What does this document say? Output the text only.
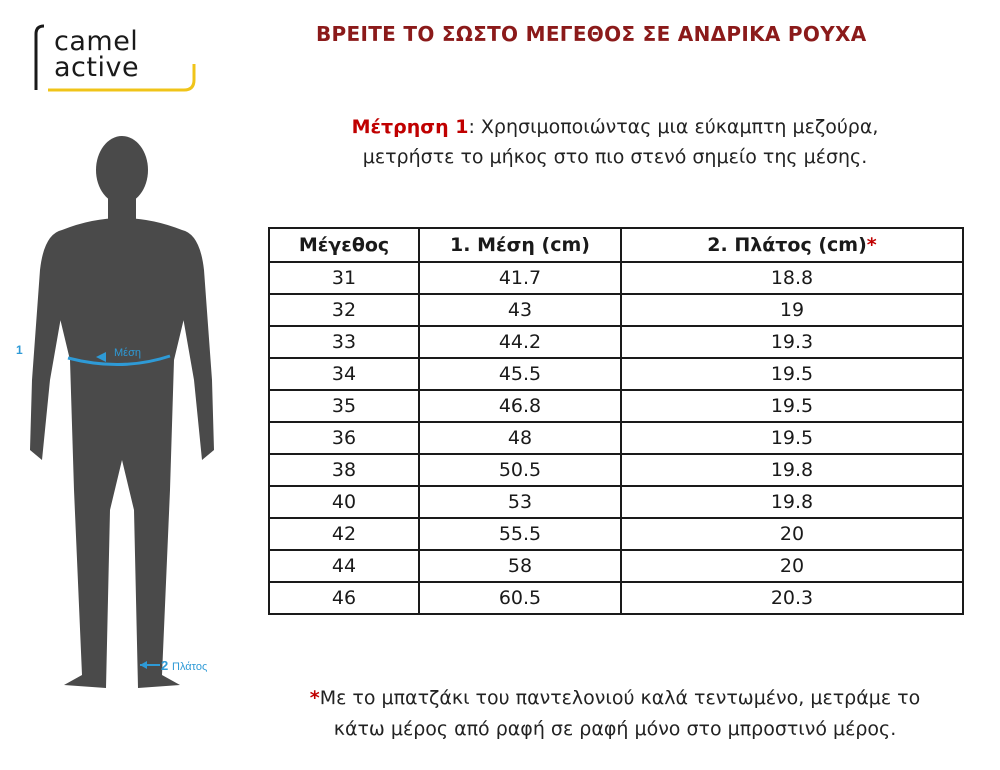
camel
active
ΒΡΕΙΤΕ ΤΟ ΣΩΣΤΟ ΜΕΓΕΘΟΣ ΣΕ ΑΝΔΡΙΚΑ ΡΟΥΧΑ
Μέτρηση 1: Χρησιμοποιώντας μια εύκαμπτη μεζούρα,
μετρήστε το μήκος στο πιο στενό σημείο της μέσης.
1	Μέση
2 Πλάτος
Μέγεθος	1. Μέση (cm)	2. Πλάτος (cm)*
31	41.7	18.8
32	43	19
33	44.2	19.3
34	45.5	19.5
35	46.8	19.5
36	48	19.5
38	50.5	19.8
40	53	19.8
42	55.5	20
44	58	20
46	60.5	20.3
*Με το μπατζάκι του παντελονιού καλά τεντωμένο, μετράμε το
κάτω μέρος από ραφή σε ραφή μόνο στο μπροστινό μέρος.
